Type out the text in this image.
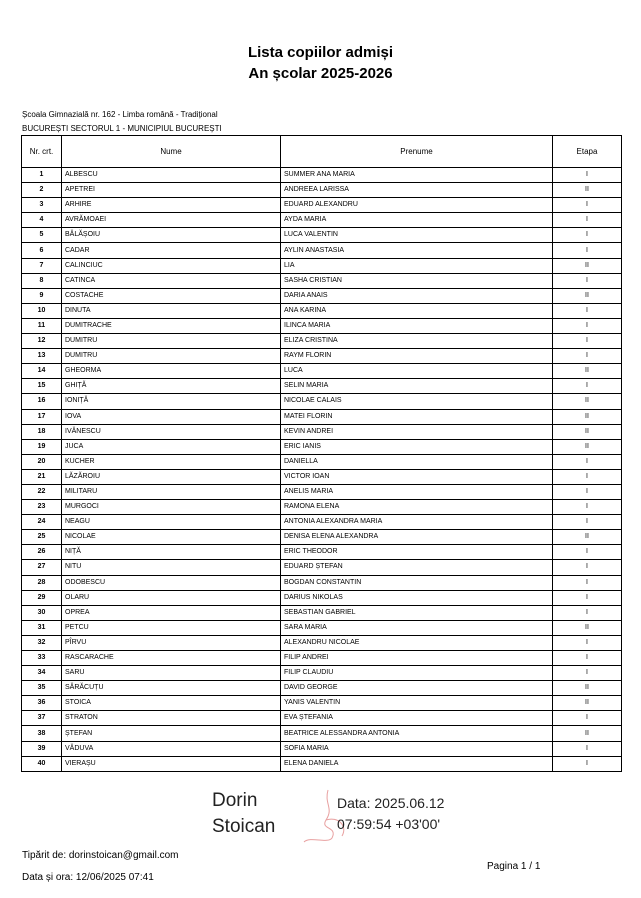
Lista copiilor admiși
An școlar 2025-2026
Școala Gimnazială nr. 162 - Limba română - Tradițional
BUCUREȘTI SECTORUL 1 - MUNICIPIUL BUCUREȘTI
Nr. crt.	Nume	Prenume	Etapa
1	ALBESCU	SUMMER ANA MARIA	I
2	APETREI	ANDREEA LARISSA	II
3	ARHIRE	EDUARD ALEXANDRU	I
4	AVRĂMOAEI	AYDA MARIA	I
5	BĂLĂȘOIU	LUCA VALENTIN	I
6	CADAR	AYLIN ANASTASIA	I
7	CALINCIUC	LIA	II
8	CATINCA	SASHA CRISTIAN	I
9	COSTACHE	DARIA ANAIS	II
10	DINUTA	ANA KARINA	I
11	DUMITRACHE	ILINCA MARIA	I
12	DUMITRU	ELIZA CRISTINA	I
13	DUMITRU	RAYM FLORIN	I
14	GHEORMA	LUCA	II
15	GHIȚĂ	SELIN MARIA	I
16	IONIȚĂ	NICOLAE CALAIS	II
17	IOVA	MATEI FLORIN	II
18	IVĂNESCU	KEVIN ANDREI	II
19	JUCA	ERIC IANIS	II
20	KUCHER	DANIELLA	I
21	LĂZĂROIU	VICTOR IOAN	I
22	MILITARU	ANELIS MARIA	I
23	MURGOCI	RAMONA ELENA	I
24	NEAGU	ANTONIA ALEXANDRA MARIA	I
25	NICOLAE	DENISA ELENA ALEXANDRA	II
26	NIȚĂ	ERIC THEODOR	I
27	NITU	EDUARD ȘTEFAN	I
28	ODOBESCU	BOGDAN CONSTANTIN	I
29	OLARU	DARIUS NIKOLAS	I
30	OPREA	SEBASTIAN GABRIEL	I
31	PETCU	SARA MARIA	II
32	PÎRVU	ALEXANDRU NICOLAE	I
33	RASCARACHE	FILIP ANDREI	I
34	SARU	FILIP CLAUDIU	I
35	SĂRĂCUȚU	DAVID GEORGE	II
36	STOICA	YANIS VALENTIN	II
37	STRATON	EVA ȘTEFANIA	I
38	ȘTEFAN	BEATRICE ALESSANDRA ANTONIA	II
39	VĂDUVA	SOFIA MARIA	I
40	VIERAȘU	ELENA DANIELA	I
Dorin
Stoican
Data: 2025.06.12
07:59:54 +03'00'
Tipărit de: dorinstoican@gmail.com
Data și ora: 12/06/2025 07:41
Pagina 1 / 1
